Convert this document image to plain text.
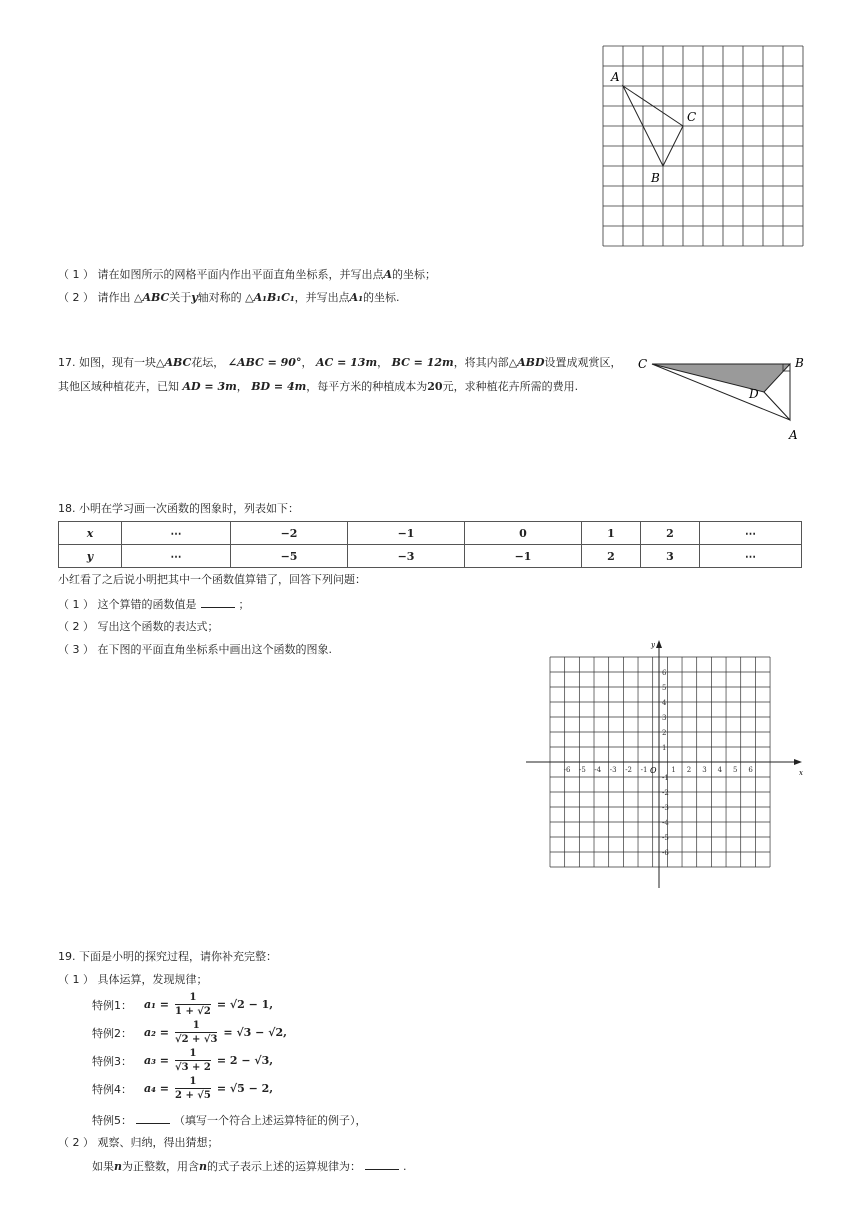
A
C
B
（ 1 ） 请在如图所示的网格平面内作出平面直角坐标系，并写出点A的坐标；
（ 2 ） 请作出 △ABC关于y轴对称的 △A₁B₁C₁，并写出点A₁的坐标.
17. 如图，现有一块△ABC花坛， ∠ABC = 90°， AC = 13m， BC = 12m，将其内部△ABD设置成观赏区，
其他区域种植花卉，已知 AD = 3m， BD = 4m，每平方米的种植成本为20元，求种植花卉所需的费用.
C	B
D
A
18. 小明在学习画一次函数的图象时，列表如下：
x	⋯	−2	−1	0	1	2	⋯
y	⋯	−5	−3	−1	2	3	⋯
小红看了之后说小明把其中一个函数值算错了，回答下列问题：
（ 1 ） 这个算错的函数值是	；
（ 2 ） 写出这个函数的表达式；
（ 3 ） 在下图的平面直角坐标系中画出这个函数的图象.
x
y
O
-6 -5 -4 -3 -2 -1	1 2 3 4 5 6
1
2
3
4
5
6
-1
-2
-3
-4
-5
-6
19. 下面是小明的探究过程，请你补充完整：
（ 1 ） 具体运算，发现规律；
特例1： $a_1 = \frac{1}{1 + √2} = √2 - 1$,
特例2： $a_2 = \frac{1}{√2 + √3} = √3 - √2$,
特例3： $a_3 = \frac{1}{√3 + 2} = 2 - √3$,
特例4： $a_4 = \frac{1}{2 + √5} = √5 - 2$,
特例5：	（填写一个符合上述运算特征的例子），
（ 2 ） 观察、归纳，得出猜想；
如果n为正整数，用含n的式子表示上述的运算规律为：	.
